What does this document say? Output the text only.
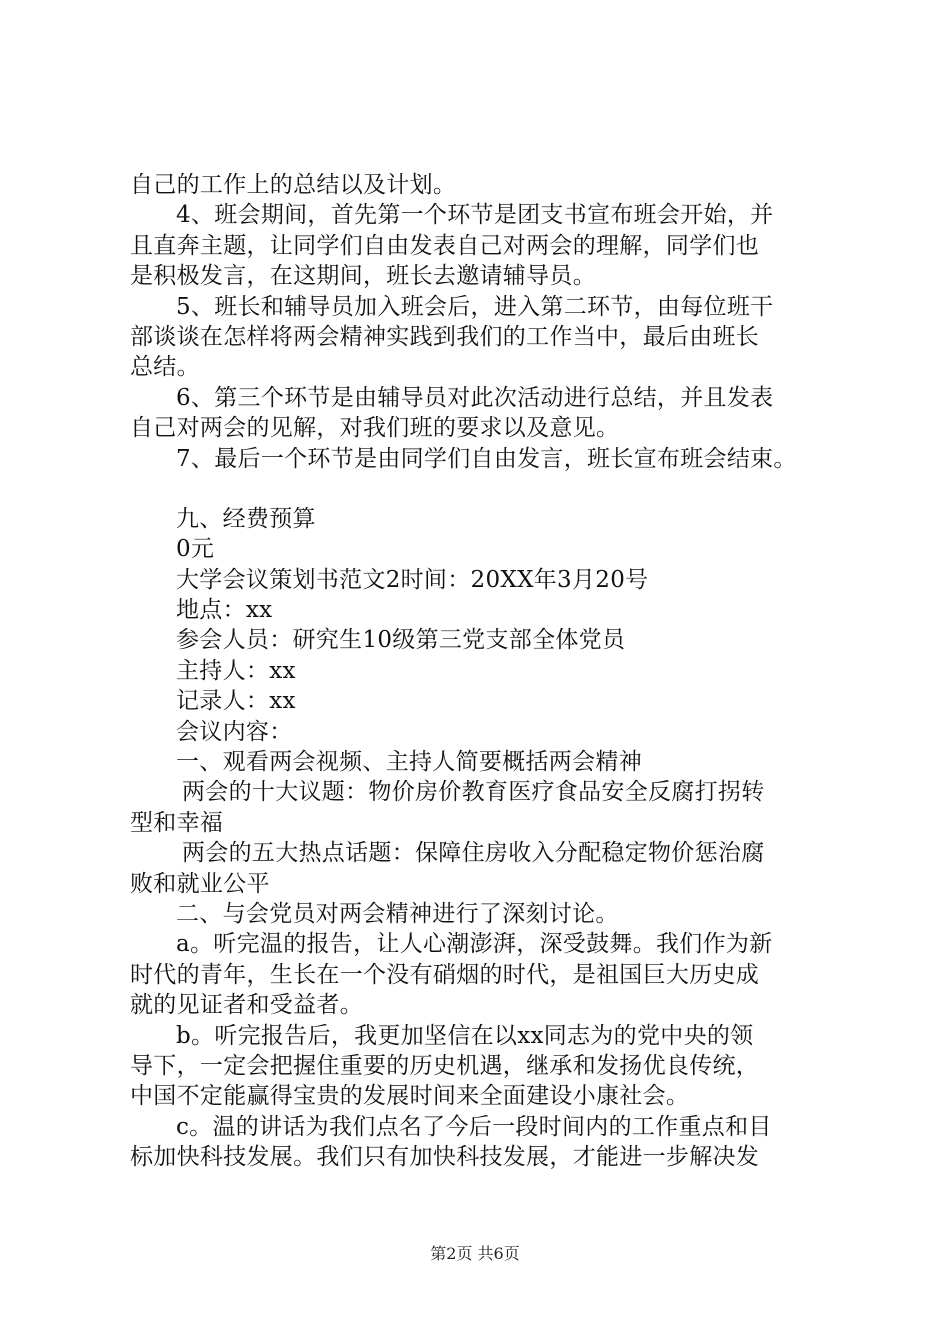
自己的工作上的总结以及计划。
4、班会期间，首先第一个环节是团支书宣布班会开始，并
且直奔主题，让同学们自由发表自己对两会的理解，同学们也
是积极发言，在这期间，班长去邀请辅导员。
5、班长和辅导员加入班会后，进入第二环节，由每位班干
部谈谈在怎样将两会精神实践到我们的工作当中，最后由班长
总结。
6、第三个环节是由辅导员对此次活动进行总结，并且发表
自己对两会的见解，对我们班的要求以及意见。
7、最后一个环节是由同学们自由发言，班长宣布班会结束。
九、经费预算
0元
大学会议策划书范文2时间：20XX年3月20号
地点：xx
参会人员：研究生10级第三党支部全体党员
主持人：xx
记录人：xx
会议内容：
一、观看两会视频、主持人简要概括两会精神
两会的十大议题：物价房价教育医疗食品安全反腐打拐转
型和幸福
两会的五大热点话题：保障住房收入分配稳定物价惩治腐
败和就业公平
二、与会党员对两会精神进行了深刻讨论。
a。听完温的报告，让人心潮澎湃，深受鼓舞。我们作为新
时代的青年，生长在一个没有硝烟的时代，是祖国巨大历史成
就的见证者和受益者。
b。听完报告后，我更加坚信在以xx同志为的党中央的领
导下，一定会把握住重要的历史机遇，继承和发扬优良传统，
中国不定能赢得宝贵的发展时间来全面建设小康社会。
c。温的讲话为我们点名了今后一段时间内的工作重点和目
标加快科技发展。我们只有加快科技发展，才能进一步解决发
第2页 共6页
